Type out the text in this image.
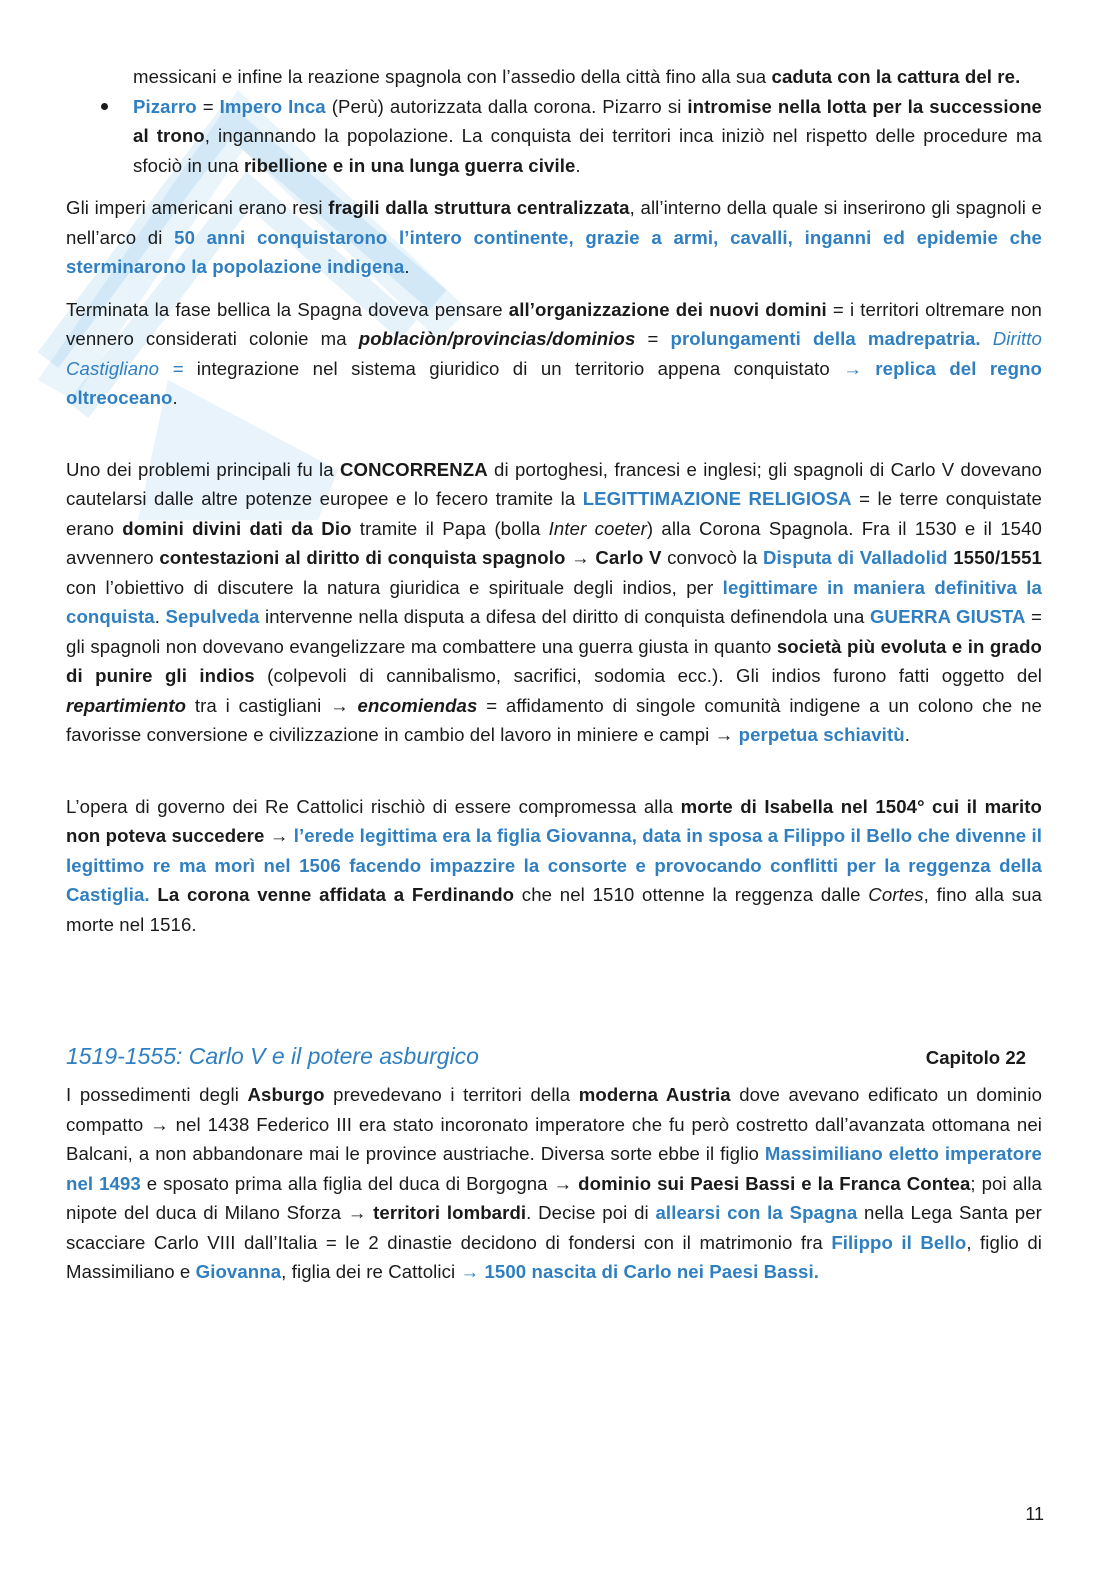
messicani e infine la reazione spagnola con l’assedio della città fino alla sua caduta con la cattura del re.

Pizarro = Impero Inca (Perù) autorizzata dalla corona. Pizarro si intromise nella lotta per la successione al trono, ingannando la popolazione. La conquista dei territori inca iniziò nel rispetto delle procedure ma sfociò in una ribellione e in una lunga guerra civile.

Gli imperi americani erano resi fragili dalla struttura centralizzata, all’interno della quale si inserirono gli spagnoli e nell’arco di 50 anni conquistarono l’intero continente, grazie a armi, cavalli, inganni ed epidemie che sterminarono la popolazione indigena.

Terminata la fase bellica la Spagna doveva pensare all’organizzazione dei nuovi domini = i territori oltremare non vennero considerati colonie ma poblaciòn/provincias/dominios = prolungamenti della madrepatria. Diritto Castigliano = integrazione nel sistema giuridico di un territorio appena conquistato → replica del regno oltreoceano.

Uno dei problemi principali fu la CONCORRENZA di portoghesi, francesi e inglesi; gli spagnoli di Carlo V dovevano cautelarsi dalle altre potenze europee e lo fecero tramite la LEGITTIMAZIONE RELIGIOSA = le terre conquistate erano domini divini dati da Dio tramite il Papa (bolla Inter coeter) alla Corona Spagnola. Fra il 1530 e il 1540 avvennero contestazioni al diritto di conquista spagnolo → Carlo V convocò la Disputa di Valladolid 1550/1551 con l’obiettivo di discutere la natura giuridica e spirituale degli indios, per legittimare in maniera definitiva la conquista. Sepulveda intervenne nella disputa a difesa del diritto di conquista definendola una GUERRA GIUSTA = gli spagnoli non dovevano evangelizzare ma combattere una guerra giusta in quanto società più evoluta e in grado di punire gli indios (colpevoli di cannibalismo, sacrifici, sodomia ecc.). Gli indios furono fatti oggetto del repartimiento tra i castigliani → encomiendas = affidamento di singole comunità indigene a un colono che ne favorisse conversione e civilizzazione in cambio del lavoro in miniere e campi → perpetua schiavitù.

L’opera di governo dei Re Cattolici rischiò di essere compromessa alla morte di Isabella nel 1504° cui il marito non poteva succedere → l’erede legittima era la figlia Giovanna, data in sposa a Filippo il Bello che divenne il legittimo re ma morì nel 1506 facendo impazzire la consorte e provocando conflitti per la reggenza della Castiglia. La corona venne affidata a Ferdinando che nel 1510 ottenne la reggenza dalle Cortes, fino alla sua morte nel 1516.

1519-1555: Carlo V e il potere asburgico	Capitolo 22

I possedimenti degli Asburgo prevedevano i territori della moderna Austria dove avevano edificato un dominio compatto → nel 1438 Federico III era stato incoronato imperatore che fu però costretto dall’avanzata ottomana nei Balcani, a non abbandonare mai le province austriache. Diversa sorte ebbe il figlio Massimiliano eletto imperatore nel 1493 e sposato prima alla figlia del duca di Borgogna → dominio sui Paesi Bassi e la Franca Contea; poi alla nipote del duca di Milano Sforza → territori lombardi. Decise poi di allearsi con la Spagna nella Lega Santa per scacciare Carlo VIII dall’Italia = le 2 dinastie decidono di fondersi con il matrimonio fra Filippo il Bello, figlio di Massimiliano e Giovanna, figlia dei re Cattolici → 1500 nascita di Carlo nei Paesi Bassi.

11
